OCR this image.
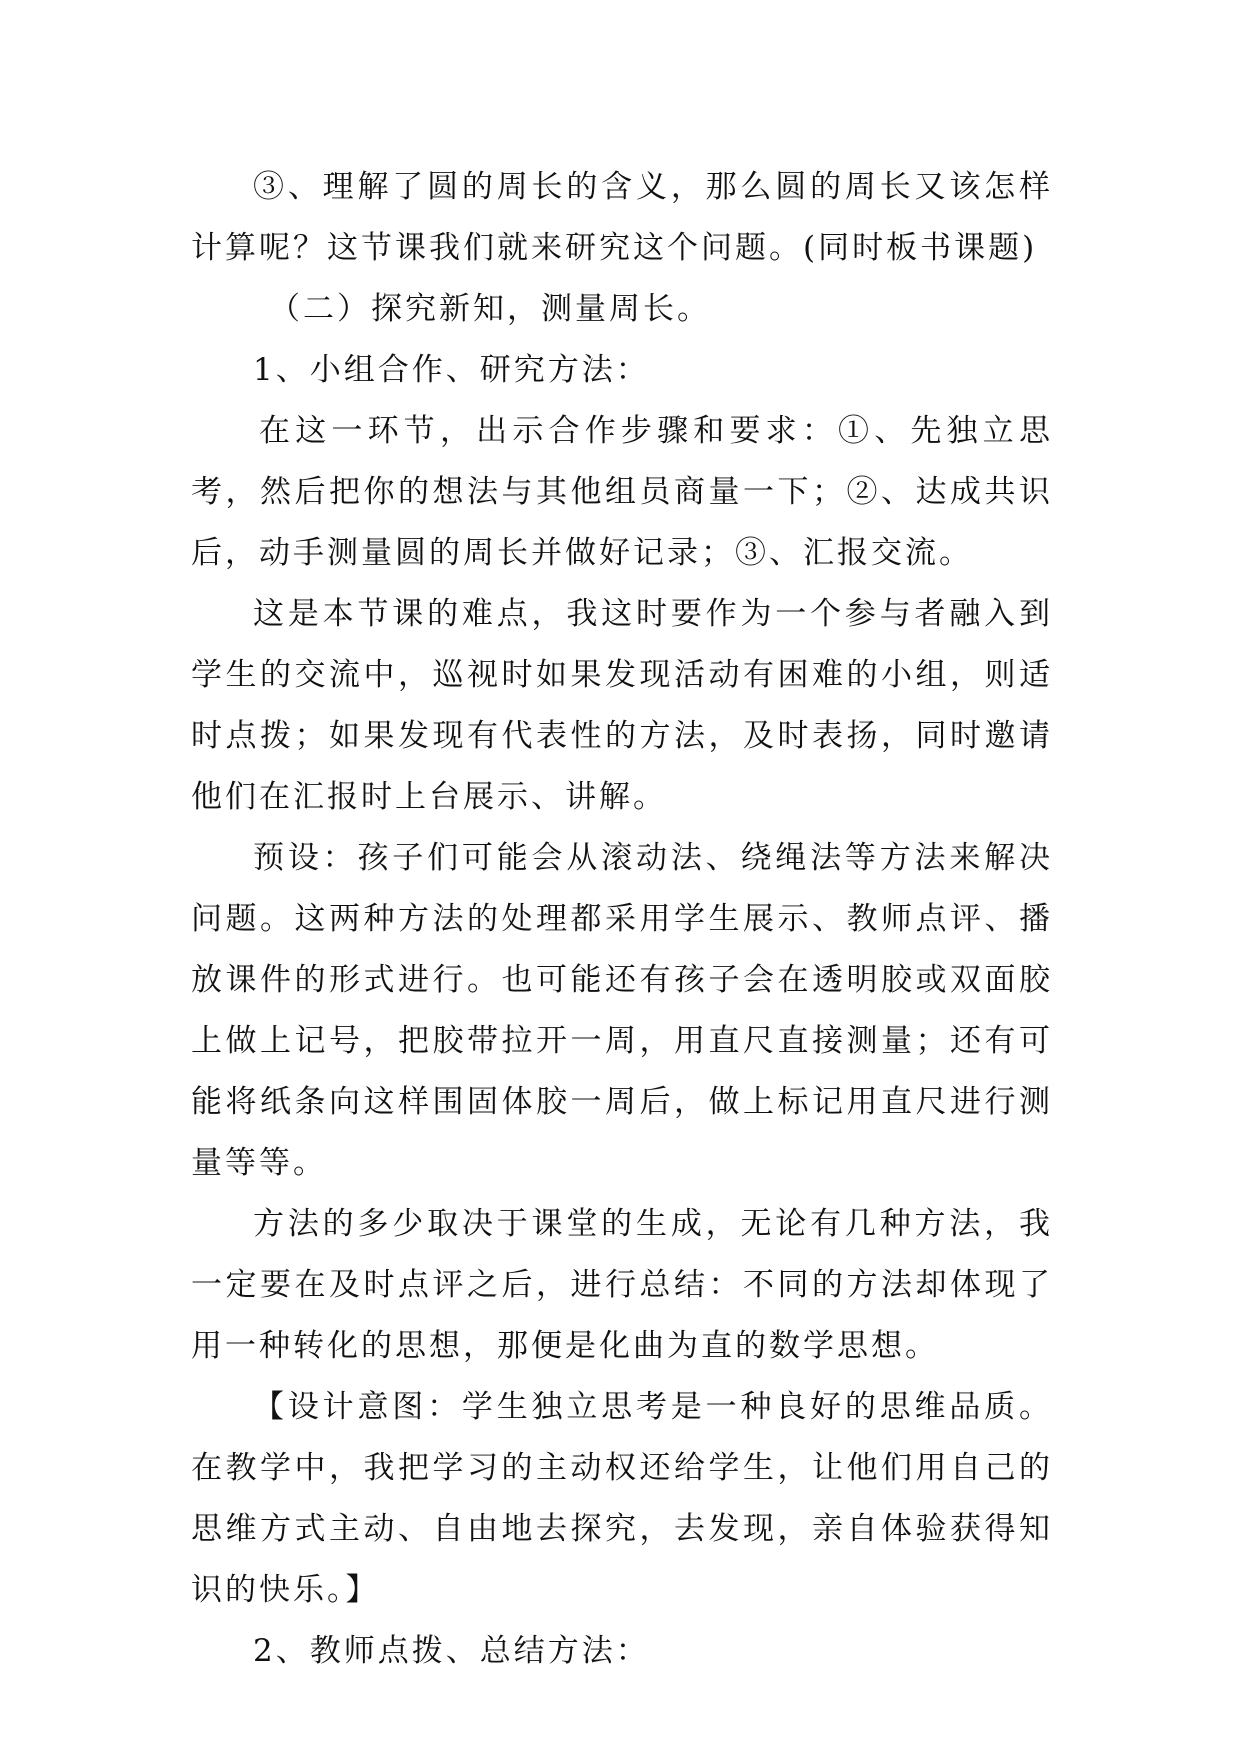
③、理解了圆的周长的含义，那么圆的周长又该怎样计算呢？这节课我们就来研究这个问题。(同时板书课题)

（二）探究新知，测量周长。

1、小组合作、研究方法：

在这一环节，出示合作步骤和要求：①、先独立思考，然后把你的想法与其他组员商量一下；②、达成共识后，动手测量圆的周长并做好记录；③、汇报交流。

这是本节课的难点，我这时要作为一个参与者融入到学生的交流中，巡视时如果发现活动有困难的小组，则适时点拨；如果发现有代表性的方法，及时表扬，同时邀请他们在汇报时上台展示、讲解。

预设：孩子们可能会从滚动法、绕绳法等方法来解决问题。这两种方法的处理都采用学生展示、教师点评、播放课件的形式进行。也可能还有孩子会在透明胶或双面胶上做上记号，把胶带拉开一周，用直尺直接测量；还有可能将纸条向这样围固体胶一周后，做上标记用直尺进行测量等等。

方法的多少取决于课堂的生成，无论有几种方法，我一定要在及时点评之后，进行总结：不同的方法却体现了用一种转化的思想，那便是化曲为直的数学思想。

【设计意图：学生独立思考是一种良好的思维品质。在教学中，我把学习的主动权还给学生，让他们用自己的思维方式主动、自由地去探究，去发现，亲自体验获得知识的快乐。】

2、教师点拨、总结方法：
